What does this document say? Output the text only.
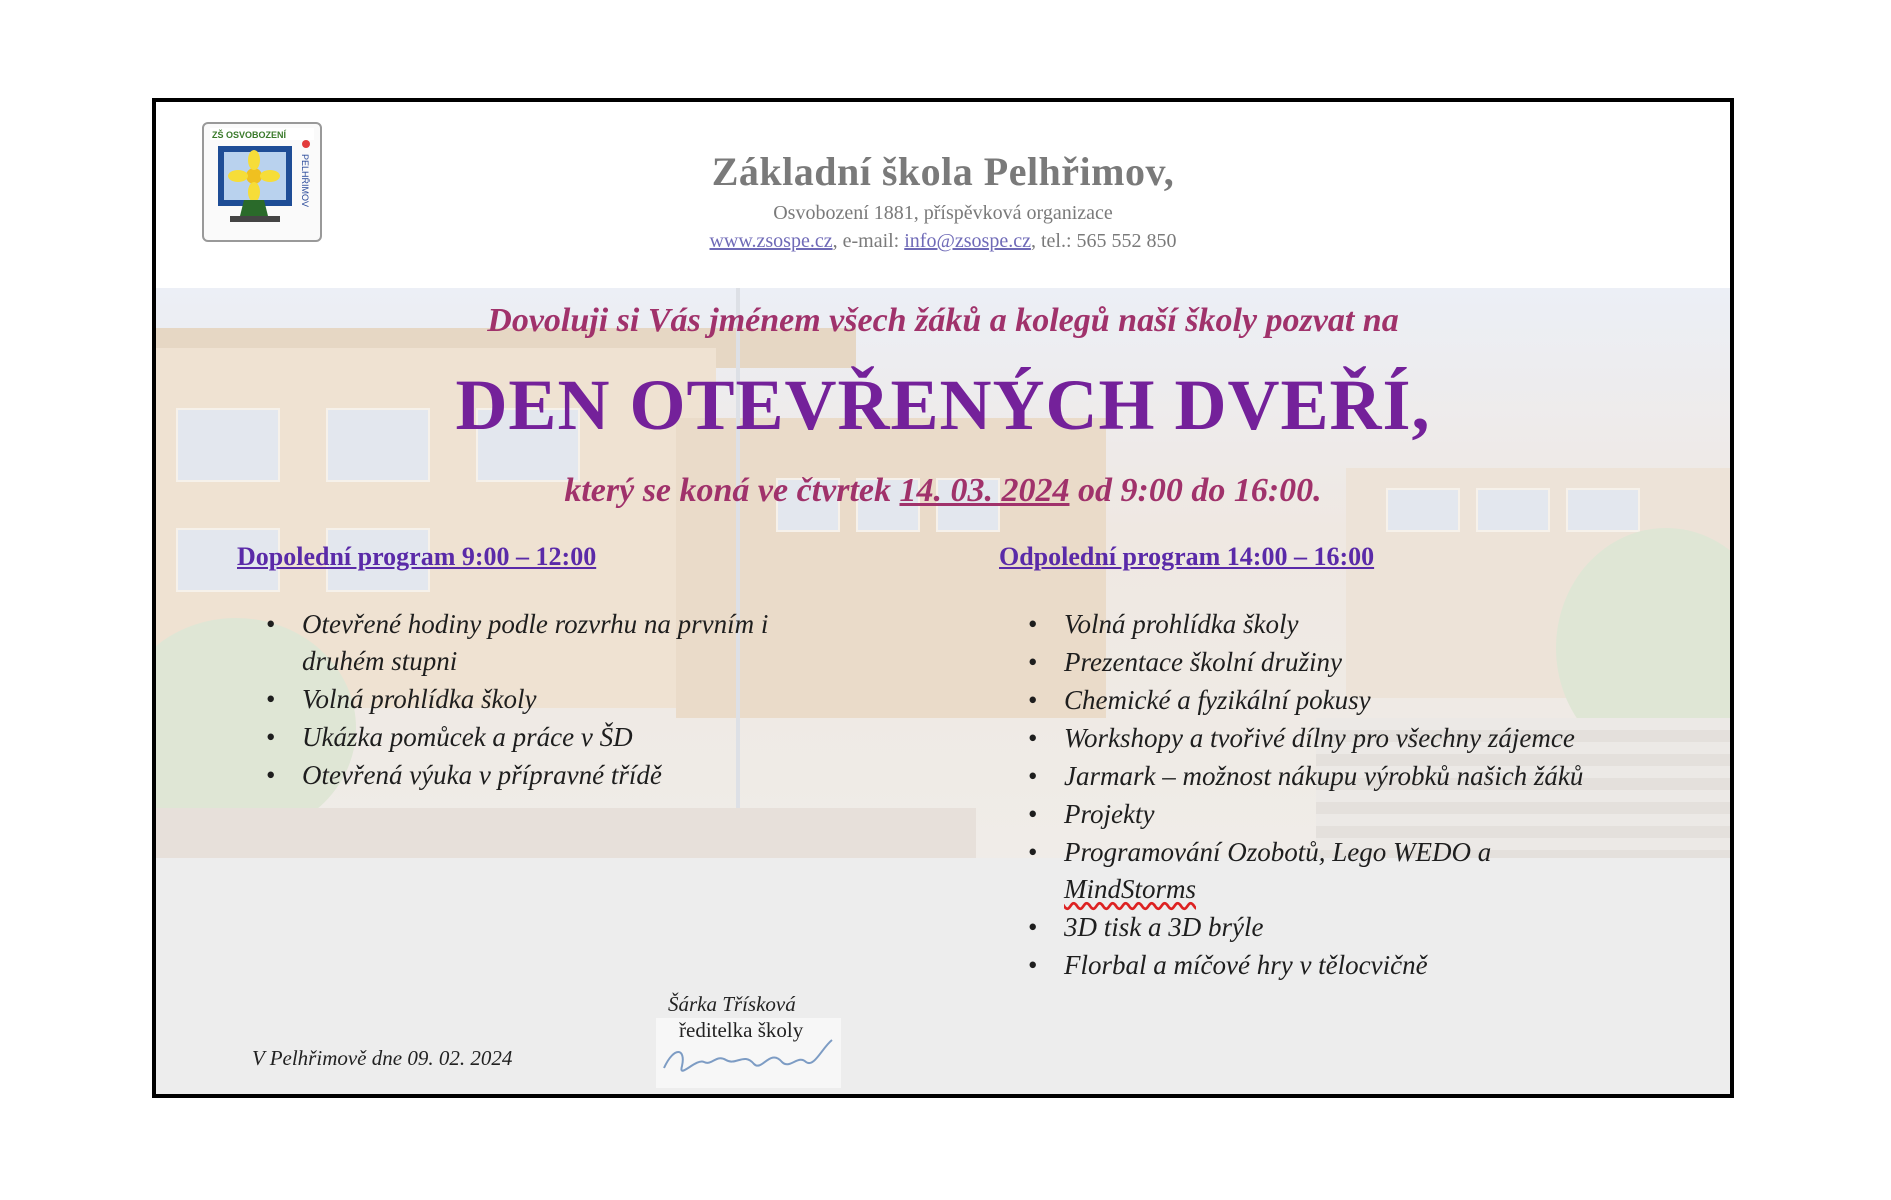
ZŠ OSVOBOZENÍ
PELHŘIMOV	Základní škola Pelhřimov,
Osvobození 1881, příspěvková organizace
www.zsospe.cz, e-mail: info@zsospe.cz, tel.: 565 552 850
Dovoluji si Vás jménem všech žáků a kolegů naší školy pozvat na
DEN OTEVŘENÝCH DVEŘÍ,
který se koná ve čtvrtek 14. 03. 2024 od 9:00 do 16:00.
Dopolední program 9:00 – 12:00	Odpolední program 14:00 – 16:00
• Otevřené hodiny podle rozvrhu na prvním i druhém stupni
• Volná prohlídka školy
• Ukázka pomůcek a práce v ŠD
• Otevřená výuka v přípravné třídě
• Volná prohlídka školy
• Prezentace školní družiny
• Chemické a fyzikální pokusy
• Workshopy a tvořivé dílny pro všechny zájemce
• Jarmark – možnost nákupu výrobků našich žáků
• Projekty
• Programování Ozobotů, Lego WEDO a MindStorms
• 3D tisk a 3D brýle
• Florbal a míčové hry v tělocvičně
Šárka Třísková
ředitelka školy
V Pelhřimově dne 09. 02. 2024
